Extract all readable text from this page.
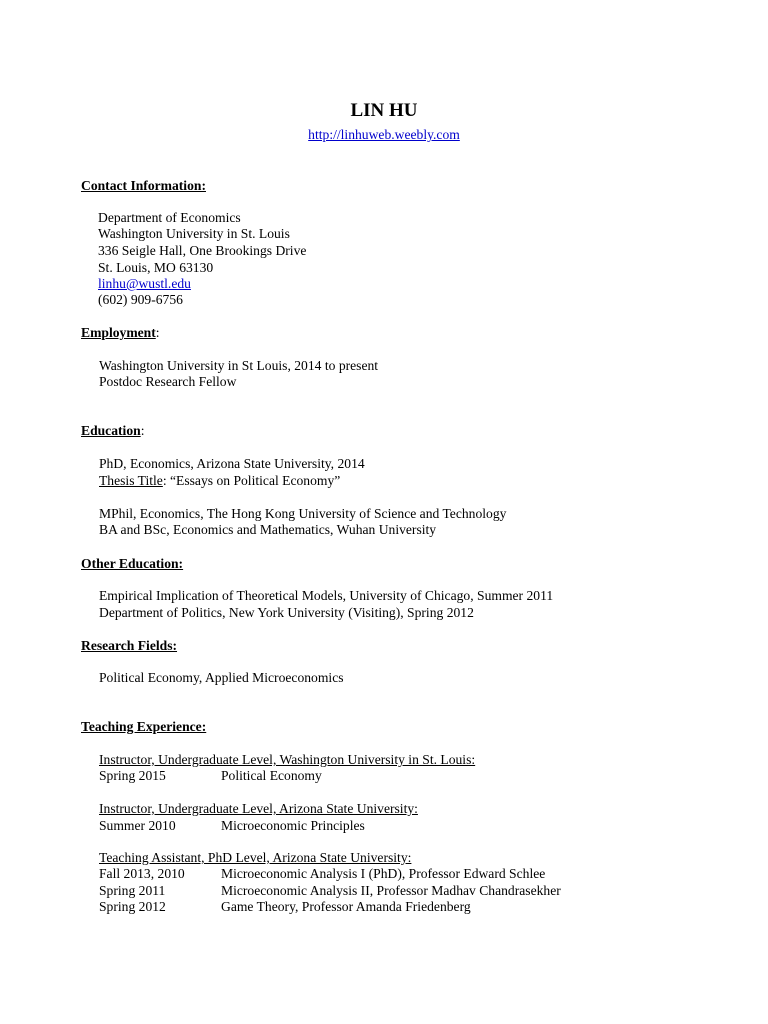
LIN HU
http://linhuweb.weebly.com
Contact Information:
Department of Economics
Washington University in St. Louis
336 Seigle Hall, One Brookings Drive
St. Louis, MO 63130
linhu@wustl.edu
(602) 909-6756
Employment:
Washington University in St Louis, 2014 to present
Postdoc Research Fellow
Education:
PhD, Economics, Arizona State University, 2014
Thesis Title: “Essays on Political Economy”
MPhil, Economics, The Hong Kong University of Science and Technology
BA and BSc, Economics and Mathematics, Wuhan University
Other Education:
Empirical Implication of Theoretical Models, University of Chicago, Summer 2011
Department of Politics, New York University (Visiting), Spring 2012
Research Fields:
Political Economy, Applied Microeconomics
Teaching Experience:
Instructor, Undergraduate Level, Washington University in St. Louis:
Spring 2015	Political Economy
Instructor, Undergraduate Level, Arizona State University:
Summer 2010	Microeconomic Principles
Teaching Assistant, PhD Level, Arizona State University:
Fall 2013, 2010	Microeconomic Analysis I (PhD), Professor Edward Schlee
Spring 2011	Microeconomic Analysis II, Professor Madhav Chandrasekher
Spring 2012	Game Theory, Professor Amanda Friedenberg
